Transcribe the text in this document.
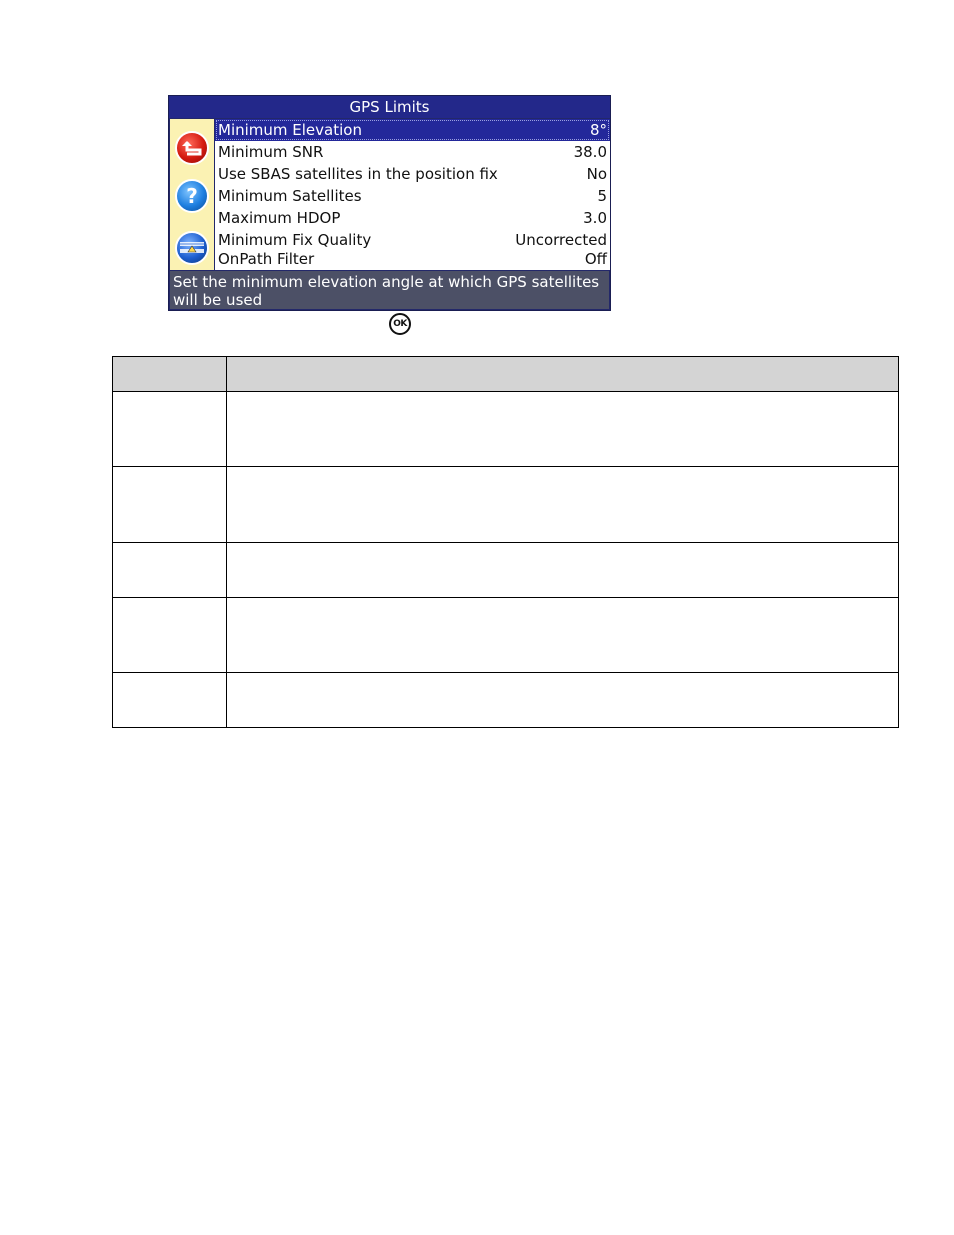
GPS Limits
?
Minimum Elevation	8°
Minimum SNR	38.0
Use SBAS satellites in the position fix	No
Minimum Satellites	5
Maximum HDOP	3.0
Minimum Fix Quality	Uncorrected
OnPath Filter	Off
Set the minimum elevation angle at which GPS satellites will be used
OK
